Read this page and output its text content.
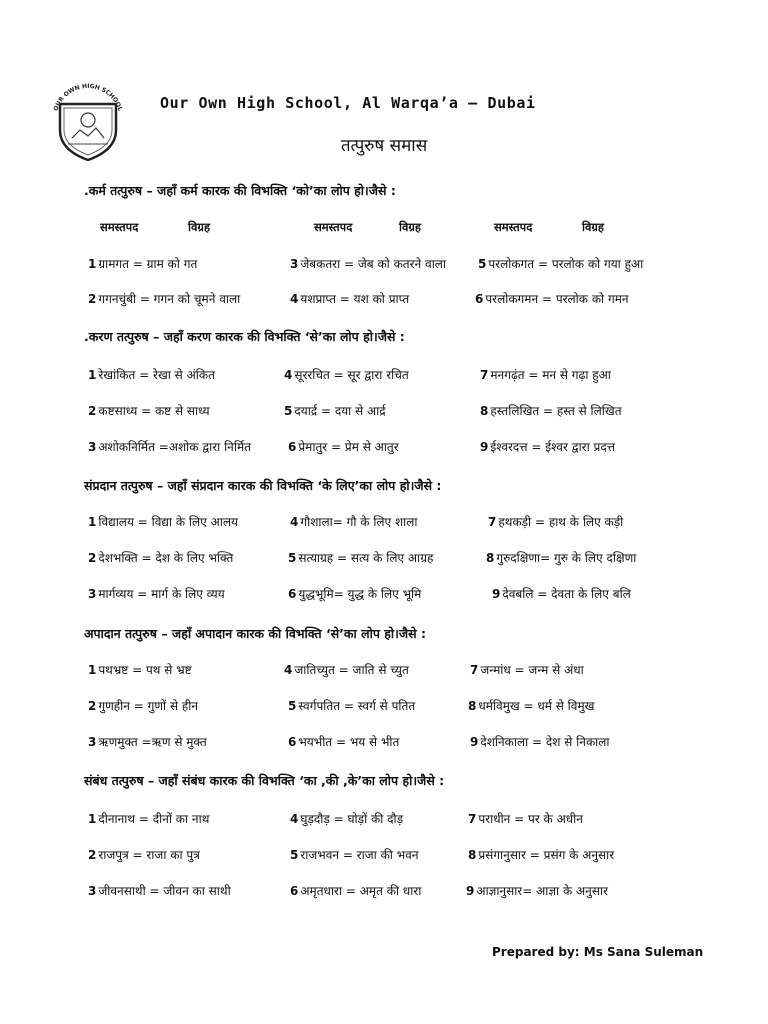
OUR OWN HIGH SCHOOL Our Own High School, Al Warqa’a – Dubai
तत्पुरुष समास
समस्तपद	विग्रह	समस्तपद	विग्रह	समस्तपद	विग्रह
.कर्म तत्पुरुष – जहाँ कर्म कारक की विभक्ति ‘को’का लोप हो।जैसे :
1 ग्रामगत = ग्राम को गत	3 जेबकतरा = जेब को कतरने वाला	5 परलोकगत = परलोक को गया हुआ
2 गगनचुंबी = गगन को चूमने वाला	4 यशप्राप्त = यश को प्राप्त	6 परलोकगमन = परलोक को गमन
.करण तत्पुरुष – जहाँ करण कारक की विभक्ति ‘से’का लोप हो।जैसे :
1 रेखांकित = रेखा से अंकित	4 सूररचित = सूर द्वारा रचित	7 मनगढ़ंत = मन से गढ़ा हुआ
2 कष्टसाध्य = कष्ट से साध्य	5 दयार्द्र = दया से आर्द्र	8 हस्तलिखित = हस्त से लिखित
3 अशोकनिर्मित =अशोक द्वारा निर्मित	6 प्रेमातुर = प्रेम से आतुर	9 ईश्वरदत्त = ईश्वर द्वारा प्रदत्त
संप्रदान तत्पुरुष – जहाँ संप्रदान कारक की विभक्ति ‘के लिए’का लोप हो।जैसे :
1 विद्यालय = विद्या के लिए आलय	4 गौशाला= गौ के लिए शाला	7 हथकड़ी = हाथ के लिए कड़ी
2 देशभक्ति = देश के लिए भक्ति	5 सत्याग्रह = सत्य के लिए आग्रह	8 गुरुदक्षिणा= गुरु के लिए दक्षिणा
3 मार्गव्यय = मार्ग के लिए व्यय	6 युद्धभूमि= युद्ध के लिए भूमि	9 देवबलि = देवता के लिए बलि
अपादान तत्पुरुष – जहाँ अपादान कारक की विभक्ति ‘से’का लोप हो।जैसे :
1 पथभ्रष्ट = पथ से भ्रष्ट	4 जातिच्युत = जाति से च्युत	7 जन्मांध = जन्म से अंधा
2 गुणहीन = गुणों से हीन	5 स्वर्गपतित = स्वर्ग से पतित	8 धर्मविमुख = धर्म से विमुख
3 ऋणमुक्त =ऋण से मुक्त	6 भयभीत = भय से भीत	9 देशनिकाला = देश से निकाला
संबंध तत्पुरुष – जहाँ संबंध कारक की विभक्ति ‘का ,की ,के’का लोप हो।जैसे :
1 दीनानाथ = दीनों का नाथ	4 घुड़दौड़ = घोड़ों की दौड़	7 पराधीन = पर के अधीन
2 राजपुत्र = राजा का पुत्र	5 राजभवन = राजा की भवन	8 प्रसंगानुसार = प्रसंग के अनुसार
3 जीवनसाथी = जीवन का साथी	6 अमृतधारा = अमृत की धारा	9 आज्ञानुसार= आज्ञा के अनुसार
Prepared by: Ms Sana Suleman
